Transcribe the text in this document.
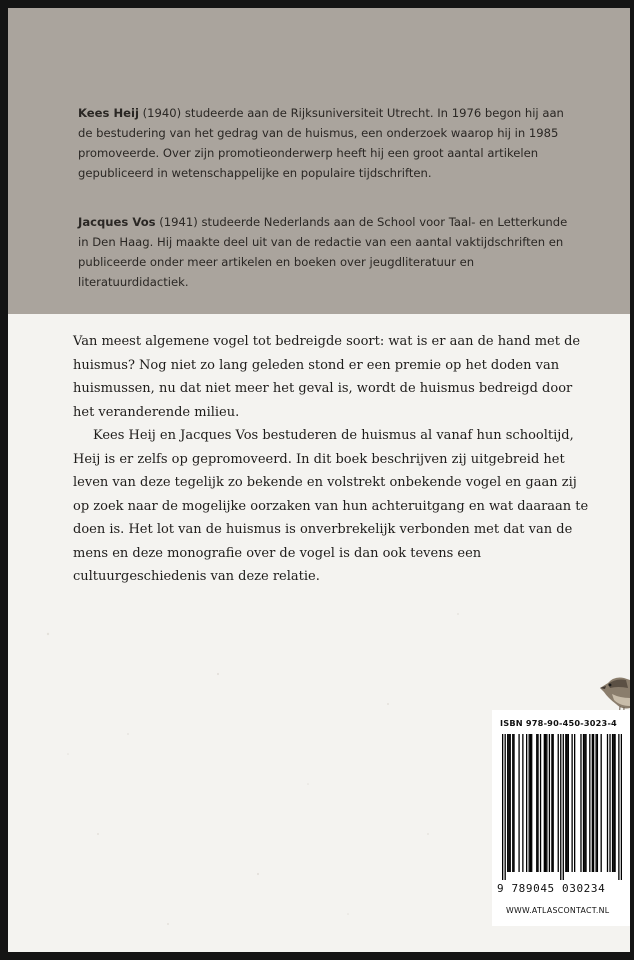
Kees Heij (1940) studeerde aan de Rijksuniversiteit Utrecht. In 1976 begon hij aan de bestudering van het gedrag van de huismus, een onderzoek waarop hij in 1985 promoveerde. Over zijn promotieonderwerp heeft hij een groot aantal artikelen gepubliceerd in wetenschappelijke en populaire tijdschriften.

Jacques Vos (1941) studeerde Nederlands aan de School voor Taal- en Letterkunde in Den Haag. Hij maakte deel uit van de redactie van een aantal vaktijdschriften en publiceerde onder meer artikelen en boeken over jeugdliteratuur en literatuurdidactiek.

Van meest algemene vogel tot bedreigde soort: wat is er aan de hand met de huismus? Nog niet zo lang geleden stond er een premie op het doden van huismussen, nu dat niet meer het geval is, wordt de huismus bedreigd door het veranderende milieu.

Kees Heij en Jacques Vos bestuderen de huismus al vanaf hun schooltijd, Heij is er zelfs op gepromoveerd. In dit boek beschrijven zij uitgebreid het leven van deze tegelijk zo bekende en volstrekt onbekende vogel en gaan zij op zoek naar de mogelijke oorzaken van hun achteruitgang en wat daaraan te doen is. Het lot van de huismus is onverbrekelijk verbonden met dat van de mens en deze monografie over de vogel is dan ook tevens een cultuurgeschiedenis van deze relatie.

ISBN 978-90-450-3023-4
9 789045 030234
WWW.ATLASCONTACT.NL
